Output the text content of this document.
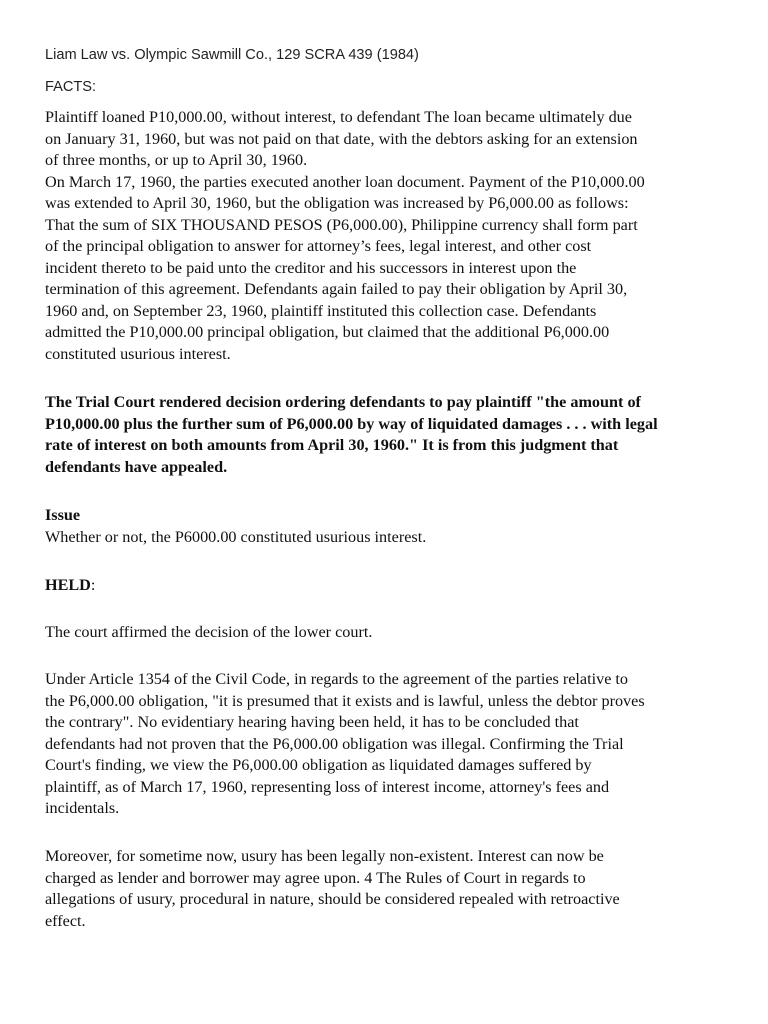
Liam Law vs. Olympic Sawmill Co., 129 SCRA 439 (1984)
FACTS:
Plaintiff loaned P10,000.00, without interest, to defendant The loan became ultimately due
on January 31, 1960, but was not paid on that date, with the debtors asking for an extension
of three months, or up to April 30, 1960.
On March 17, 1960, the parties executed another loan document. Payment of the P10,000.00
was extended to April 30, 1960, but the obligation was increased by P6,000.00 as follows:
That the sum of SIX THOUSAND PESOS (P6,000.00), Philippine currency shall form part
of the principal obligation to answer for attorney’s fees, legal interest, and other cost
incident thereto to be paid unto the creditor and his successors in interest upon the
termination of this agreement. Defendants again failed to pay their obligation by April 30,
1960 and, on September 23, 1960, plaintiff instituted this collection case. Defendants
admitted the P10,000.00 principal obligation, but claimed that the additional P6,000.00
constituted usurious interest.
The Trial Court rendered decision ordering defendants to pay plaintiff "the amount of
P10,000.00 plus the further sum of P6,000.00 by way of liquidated damages . . . with legal
rate of interest on both amounts from April 30, 1960." It is from this judgment that
defendants have appealed.
Issue
Whether or not, the P6000.00 constituted usurious interest.
HELD:
The court affirmed the decision of the lower court.
Under Article 1354 of the Civil Code, in regards to the agreement of the parties relative to
the P6,000.00 obligation, "it is presumed that it exists and is lawful, unless the debtor proves
the contrary". No evidentiary hearing having been held, it has to be concluded that
defendants had not proven that the P6,000.00 obligation was illegal. Confirming the Trial
Court's finding, we view the P6,000.00 obligation as liquidated damages suffered by
plaintiff, as of March 17, 1960, representing loss of interest income, attorney's fees and
incidentals.
Moreover, for sometime now, usury has been legally non-existent. Interest can now be
charged as lender and borrower may agree upon. 4 The Rules of Court in regards to
allegations of usury, procedural in nature, should be considered repealed with retroactive
effect.
